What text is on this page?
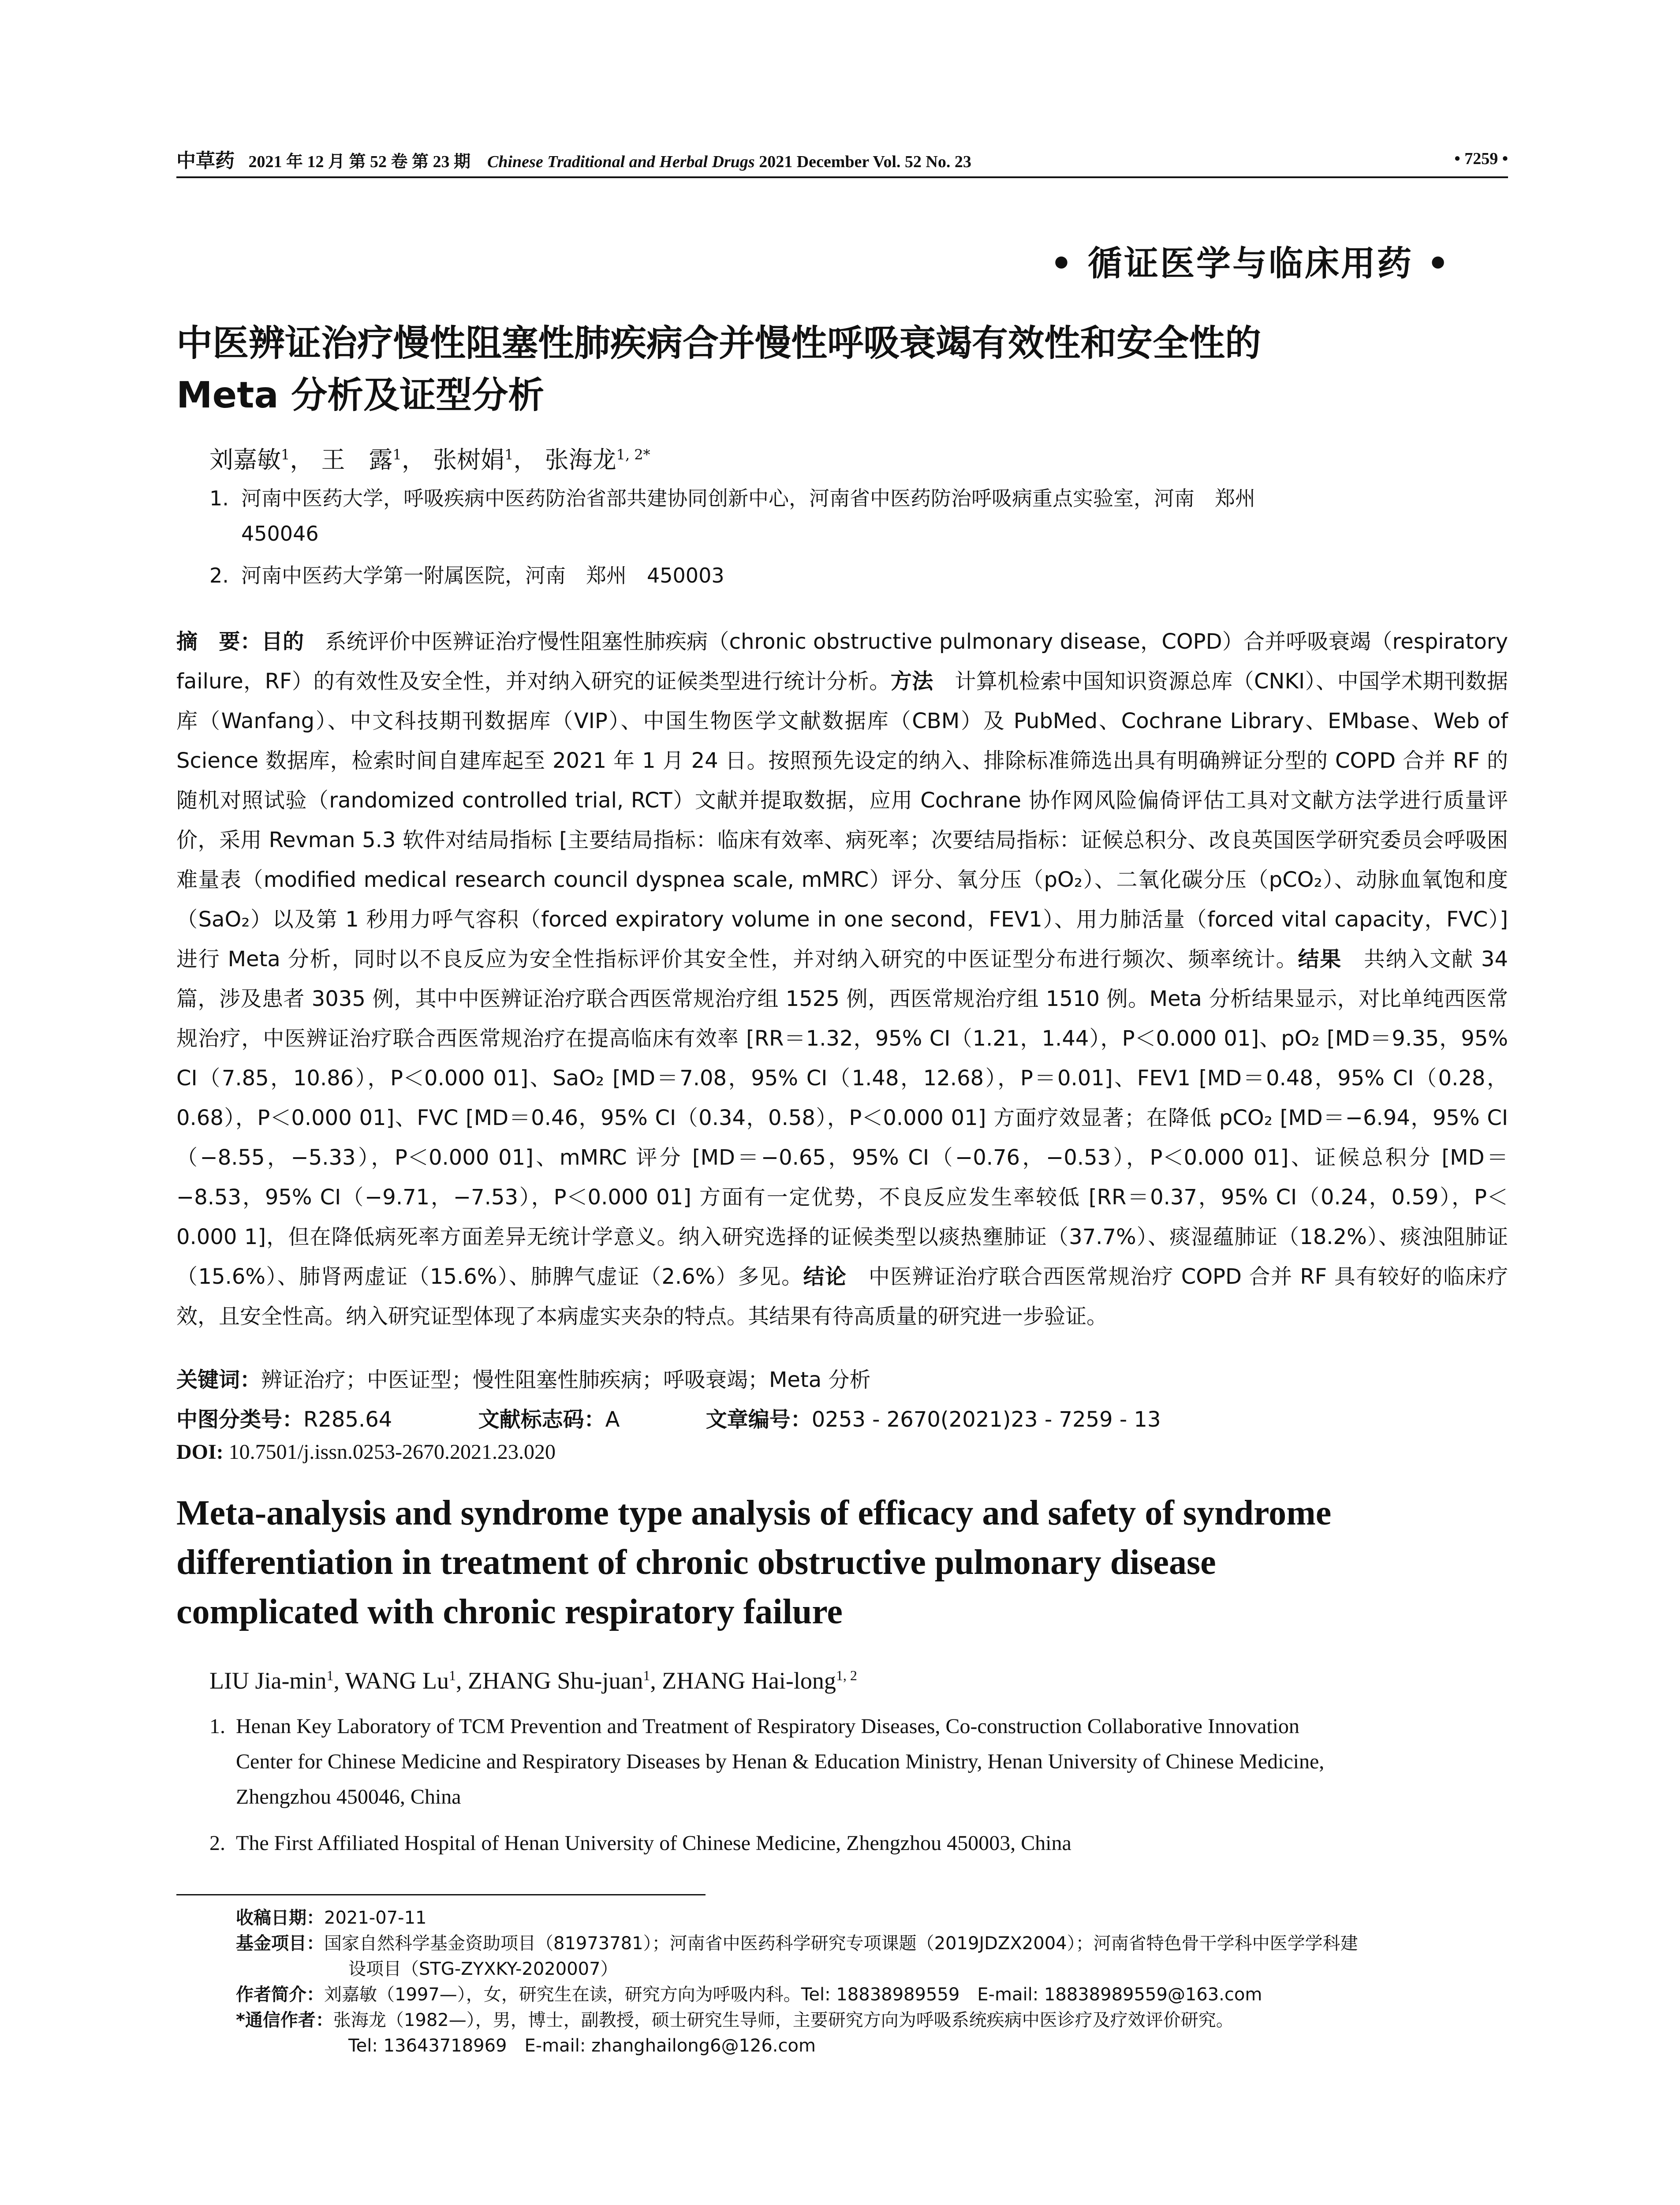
中草药 2021 年 12 月 第 52 卷 第 23 期 Chinese Traditional and Herbal Drugs 2021 December Vol. 52 No. 23	• 7259 •
• 循证医学与临床用药 •
中医辨证治疗慢性阻塞性肺疾病合并慢性呼吸衰竭有效性和安全性的
Meta 分析及证型分析
刘嘉敏$^1$， 王　露$^1$， 张树娟$^1$， 张海龙$^{1, 2*}$
1. 河南中医药大学，呼吸疾病中医药防治省部共建协同创新中心，河南省中医药防治呼吸病重点实验室，河南　郑州
450046
2. 河南中医药大学第一附属医院，河南　郑州　450003
摘　要：目的　系统评价中医辨证治疗慢性阻塞性肺疾病（chronic obstructive pulmonary disease，COPD）合并呼吸衰竭（respiratory failure，RF）的有效性及安全性，并对纳入研究的证候类型进行统计分析。方法　计算机检索中国知识资源总库（CNKI）、中国学术期刊数据库（Wanfang）、中文科技期刊数据库（VIP）、中国生物医学文献数据库（CBM）及 PubMed、Cochrane Library、EMbase、Web of Science 数据库，检索时间自建库起至 2021 年 1 月 24 日。按照预先设定的纳入、排除标准筛选出具有明确辨证分型的 COPD 合并 RF 的随机对照试验（randomized controlled trial, RCT）文献并提取数据，应用 Cochrane 协作网风险偏倚评估工具对文献方法学进行质量评价，采用 Revman 5.3 软件对结局指标 [主要结局指标：临床有效率、病死率；次要结局指标：证候总积分、改良英国医学研究委员会呼吸困难量表（modified medical research council dyspnea scale, mMRC）评分、氧分压（pO₂）、二氧化碳分压（pCO₂）、动脉血氧饱和度（SaO₂）以及第 1 秒用力呼气容积（forced expiratory volume in one second，FEV1）、用力肺活量（forced vital capacity，FVC）] 进行 Meta 分析，同时以不良反应为安全性指标评价其安全性，并对纳入研究的中医证型分布进行频次、频率统计。结果　共纳入文献 34 篇，涉及患者 3035 例，其中中医辨证治疗联合西医常规治疗组 1525 例，西医常规治疗组 1510 例。Meta 分析结果显示，对比单纯西医常规治疗，中医辨证治疗联合西医常规治疗在提高临床有效率 [RR＝1.32，95% CI（1.21，1.44），P＜0.000 01]、pO₂ [MD＝9.35，95% CI（7.85，10.86），P＜0.000 01]、SaO₂ [MD＝7.08，95% CI（1.48，12.68），P＝0.01]、FEV1 [MD＝0.48，95% CI（0.28，0.68），P＜0.000 01]、FVC [MD＝0.46，95% CI（0.34，0.58），P＜0.000 01] 方面疗效显著；在降低 pCO₂ [MD＝−6.94，95% CI（−8.55，−5.33），P＜0.000 01]、mMRC 评分 [MD＝−0.65，95% CI（−0.76，−0.53），P＜0.000 01]、证候总积分 [MD＝−8.53，95% CI（−9.71，−7.53），P＜0.000 01] 方面有一定优势，不良反应发生率较低 [RR＝0.37，95% CI（0.24，0.59），P＜0.000 1]，但在降低病死率方面差异无统计学意义。纳入研究选择的证候类型以痰热壅肺证（37.7%）、痰湿蕴肺证（18.2%）、痰浊阻肺证（15.6%）、肺肾两虚证（15.6%）、肺脾气虚证（2.6%）多见。结论　中医辨证治疗联合西医常规治疗 COPD 合并 RF 具有较好的临床疗效，且安全性高。纳入研究证型体现了本病虚实夹杂的特点。其结果有待高质量的研究进一步验证。
关键词：辨证治疗；中医证型；慢性阻塞性肺疾病；呼吸衰竭；Meta 分析
中图分类号：R285.64	文献标志码：A	文章编号：0253 - 2670(2021)23 - 7259 - 13
DOI: 10.7501/j.issn.0253-2670.2021.23.020
Meta-analysis and syndrome type analysis of efficacy and safety of syndrome
differentiation in treatment of chronic obstructive pulmonary disease
complicated with chronic respiratory failure
LIU Jia-$\min^1$, WANG Lu$^1$, ZHANG Shu-juan$^1$, ZHANG Hai-long$^{1, 2}$
1. Henan Key Laboratory of TCM Prevention and Treatment of Respiratory Diseases, Co-construction Collaborative Innovation
Center for Chinese Medicine and Respiratory Diseases by Henan & Education Ministry, Henan University of Chinese Medicine,
Zhengzhou 450046, China
2. The First Affiliated Hospital of Henan University of Chinese Medicine, Zhengzhou 450003, China
收稿日期： 2021-07-11
基金项目： 国家自然科学基金资助项目（81973781）；河南省中医药科学研究专项课题（2019JDZX2004）；河南省特色骨干学科中医学学科建
设项目（STG-ZYXKY-2020007）
作者简介： 刘嘉敏（1997—），女，研究生在读，研究方向为呼吸内科。Tel: 18838989559　E-mail: 18838989559@163.com
*通信作者： 张海龙（1982—），男，博士，副教授，硕士研究生导师，主要研究方向为呼吸系统疾病中医诊疗及疗效评价研究。
Tel: 13643718969　E-mail: zhanghailong6@126.com
